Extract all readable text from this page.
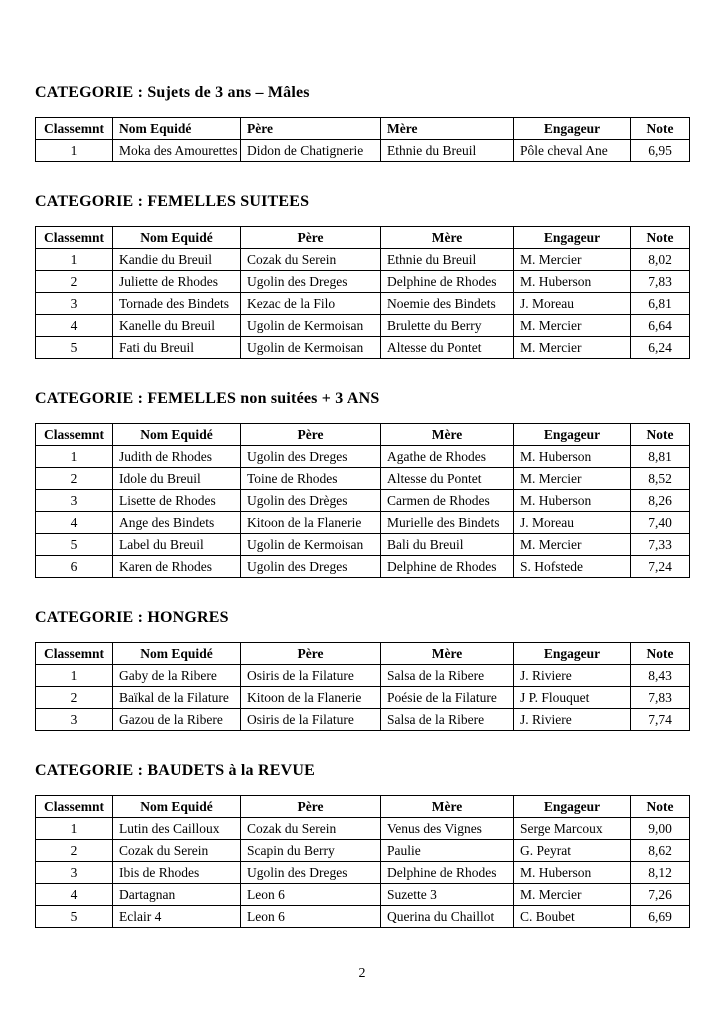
CATEGORIE : Sujets de 3 ans – Mâles
Classemnt	Nom Equidé	Père	Mère	Engageur	Note
1	Moka des Amourettes	Didon de Chatignerie	Ethnie du Breuil	Pôle cheval Ane	6,95
CATEGORIE : FEMELLES SUITEES
Classemnt	Nom Equidé	Père	Mère	Engageur	Note
1	Kandie du Breuil	Cozak du Serein	Ethnie du Breuil	M. Mercier	8,02
2	Juliette de Rhodes	Ugolin des Dreges	Delphine de Rhodes	M. Huberson	7,83
3	Tornade des Bindets	Kezac de la Filo	Noemie des Bindets	J. Moreau	6,81
4	Kanelle du Breuil	Ugolin de Kermoisan	Brulette du Berry	M. Mercier	6,64
5	Fati du Breuil	Ugolin de Kermoisan	Altesse du Pontet	M. Mercier	6,24
CATEGORIE : FEMELLES non suitées + 3 ANS
Classemnt	Nom Equidé	Père	Mère	Engageur	Note
1	Judith de Rhodes	Ugolin des Dreges	Agathe de Rhodes	M. Huberson	8,81
2	Idole du Breuil	Toine de Rhodes	Altesse du Pontet	M. Mercier	8,52
3	Lisette de Rhodes	Ugolin des Drèges	Carmen de Rhodes	M. Huberson	8,26
4	Ange des Bindets	Kitoon de la Flanerie	Murielle des Bindets	J. Moreau	7,40
5	Label du Breuil	Ugolin de Kermoisan	Bali du Breuil	M. Mercier	7,33
6	Karen de Rhodes	Ugolin des Dreges	Delphine de Rhodes	S. Hofstede	7,24
CATEGORIE : HONGRES
Classemnt	Nom Equidé	Père	Mère	Engageur	Note
1	Gaby de la Ribere	Osiris de la Filature	Salsa de la Ribere	J. Riviere	8,43
2	Baïkal de la Filature	Kitoon de la Flanerie	Poésie de la Filature	J P. Flouquet	7,83
3	Gazou de la Ribere	Osiris de la Filature	Salsa de la Ribere	J. Riviere	7,74
CATEGORIE : BAUDETS à la REVUE
Classemnt	Nom Equidé	Père	Mère	Engageur	Note
1	Lutin des Cailloux	Cozak du Serein	Venus des Vignes	Serge Marcoux	9,00
2	Cozak du Serein	Scapin du Berry	Paulie	G. Peyrat	8,62
3	Ibis de Rhodes	Ugolin des Dreges	Delphine de Rhodes	M. Huberson	8,12
4	Dartagnan	Leon 6	Suzette 3	M. Mercier	7,26
5	Eclair 4	Leon 6	Querina du Chaillot	C. Boubet	6,69
2
